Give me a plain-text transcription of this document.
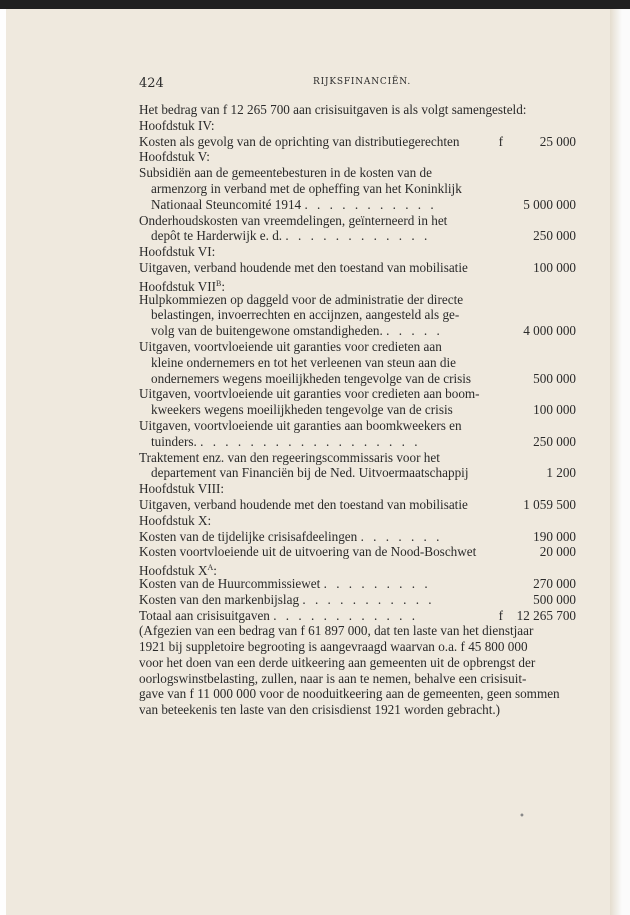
424	RIJKSFINANCIËN.
Het bedrag van f 12 265 700 aan crisisuitgaven is als volgt samengesteld:
Hoofdstuk IV:
Kosten als gevolg van de oprichting van distributiegerechten	f	25 000
Hoofdstuk V:
Subsidiën aan de gemeentebesturen in de kosten van de
armenzorg in verband met de opheffing van het Koninklijk
Nationaal Steuncomité 1914 . . . . . . . . . . .	5 000 000
Onderhoudskosten van vreemdelingen, geïnterneerd in het
depôt te Harderwijk e. d. . . . . . . . . . . . .	250 000
Hoofdstuk VI:
Uitgaven, verband houdende met den toestand van mobilisatie	100 000
Hoofdstuk $VII^B$:
Hulpkommiezen op daggeld voor de administratie der directe
belastingen, invoerrechten en accijnzen, aangesteld als ge-
volg van de buitengewone omstandigheden. . . . . .	4 000 000
Uitgaven, voortvloeiende uit garanties voor credieten aan
kleine ondernemers en tot het verleenen van steun aan die
ondernemers wegens moeilijkheden tengevolge van de crisis	500 000
Uitgaven, voortvloeiende uit garanties voor credieten aan boom-
kweekers wegens moeilijkheden tengevolge van de crisis	100 000
Uitgaven, voortvloeiende uit garanties aan boomkweekers en
tuinders. . . . . . . . . . . . . . . . . . .	250 000
Traktement enz. van den regeeringscommissaris voor het
departement van Financiën bij de Ned. Uitvoermaatschappij	1 200
Hoofdstuk VIII:
Uitgaven, verband houdende met den toestand van mobilisatie	1 059 500
Hoofdstuk X:
Kosten van de tijdelijke crisisafdeelingen . . . . . . .	190 000
Kosten voortvloeiende uit de uitvoering van de Nood-Boschwet	20 000
Hoofdstuk $X^A$:
Kosten van de Huurcommissiewet . . . . . . . . .	270 000
Kosten van den markenbijslag . . . . . . . . . . .	500 000
Totaal aan crisisuitgaven . . . . . . . . . . . .	f 12 265 700
(Afgezien van een bedrag van f 61 897 000, dat ten laste van het dienstjaar
1921 bij suppletoire begrooting is aangevraagd waarvan o.a. f 45 800 000
voor het doen van een derde uitkeering aan gemeenten uit de opbrengst der
oorlogswinstbelasting, zullen, naar is aan te nemen, behalve een crisisuit-
gave van f 11 000 000 voor de nooduitkeering aan de gemeenten, geen sommen
van beteekenis ten laste van den crisisdienst 1921 worden gebracht.)
•
